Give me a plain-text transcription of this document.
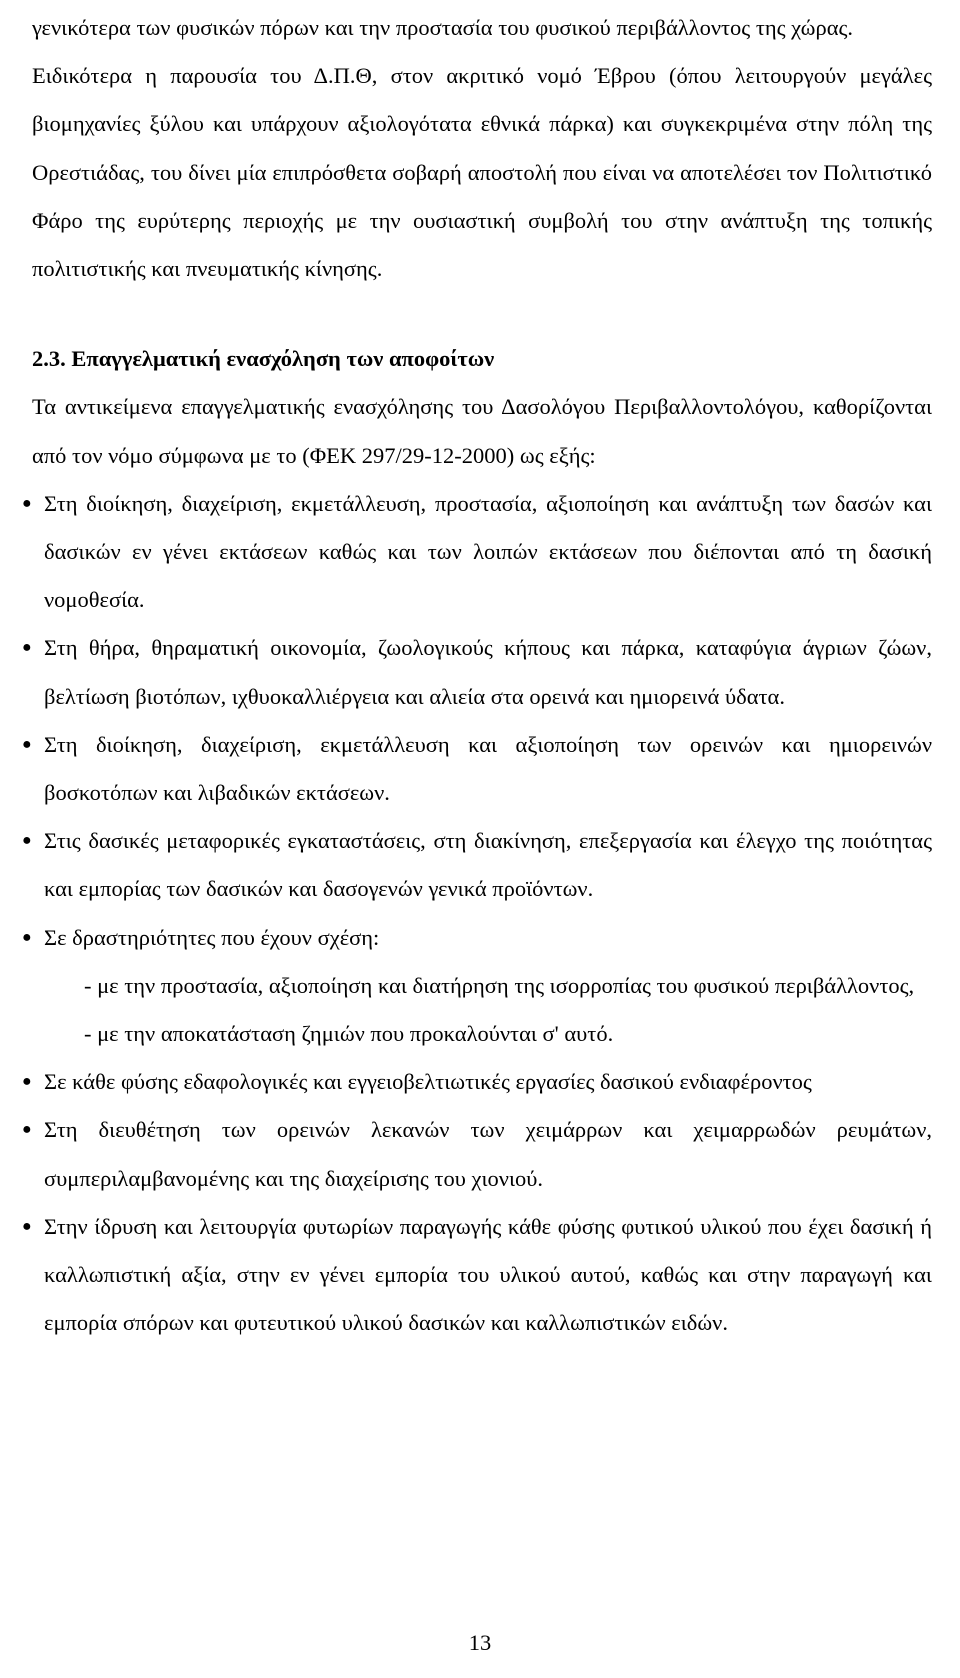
γενικότερα των φυσικών πόρων και την προστασία του φυσικού περιβάλλοντος της χώρας.

Ειδικότερα η παρουσία του Δ.Π.Θ, στον ακριτικό νομό Έβρου (όπου λειτουργούν μεγάλες βιομηχανίες ξύλου και υπάρχουν αξιολογότατα εθνικά πάρκα) και συγκεκριμένα στην πόλη της Ορεστιάδας, του δίνει μία επιπρόσθετα σοβαρή αποστολή που είναι να αποτελέσει τον Πολιτιστικό Φάρο της ευρύτερης περιοχής με την ουσιαστική συμβολή του στην ανάπτυξη της τοπικής πολιτιστικής και πνευματικής κίνησης.

2.3. Επαγγελματική ενασχόληση των αποφοίτων

Τα αντικείμενα επαγγελματικής ενασχόλησης του Δασολόγου Περιβαλλοντολόγου, καθορίζονται από τον νόμο σύμφωνα με το (ΦΕΚ 297/29-12-2000) ως εξής:

● Στη διοίκηση, διαχείριση, εκμετάλλευση, προστασία, αξιοποίηση και ανάπτυξη των δασών και δασικών εν γένει εκτάσεων καθώς και των λοιπών εκτάσεων που διέπονται από τη δασική νομοθεσία.
● Στη θήρα, θηραματική οικονομία, ζωολογικούς κήπους και πάρκα, καταφύγια άγριων ζώων, βελτίωση βιοτόπων, ιχθυοκαλλιέργεια και αλιεία στα ορεινά και ημιορεινά ύδατα.
● Στη διοίκηση, διαχείριση, εκμετάλλευση και αξιοποίηση των ορεινών και ημιορεινών βοσκοτόπων και λιβαδικών εκτάσεων.
● Στις δασικές μεταφορικές εγκαταστάσεις, στη διακίνηση, επεξεργασία και έλεγχο της ποιότητας και εμπορίας των δασικών και δασογενών γενικά προϊόντων.
● Σε δραστηριότητες που έχουν σχέση:
- με την προστασία, αξιοποίηση και διατήρηση της ισορροπίας του φυσικού περιβάλλοντος,
- με την αποκατάσταση ζημιών που προκαλούνται σ' αυτό.
● Σε κάθε φύσης εδαφολογικές και εγγειοβελτιωτικές εργασίες δασικού ενδιαφέροντος
● Στη διευθέτηση των ορεινών λεκανών των χειμάρρων και χειμαρρωδών ρευμάτων, συμπεριλαμβανομένης και της διαχείρισης του χιονιού.
● Στην ίδρυση και λειτουργία φυτωρίων παραγωγής κάθε φύσης φυτικού υλικού που έχει δασική ή καλλωπιστική αξία, στην εν γένει εμπορία του υλικού αυτού, καθώς και στην παραγωγή και εμπορία σπόρων και φυτευτικού υλικού δασικών και καλλωπιστικών ειδών.
13
